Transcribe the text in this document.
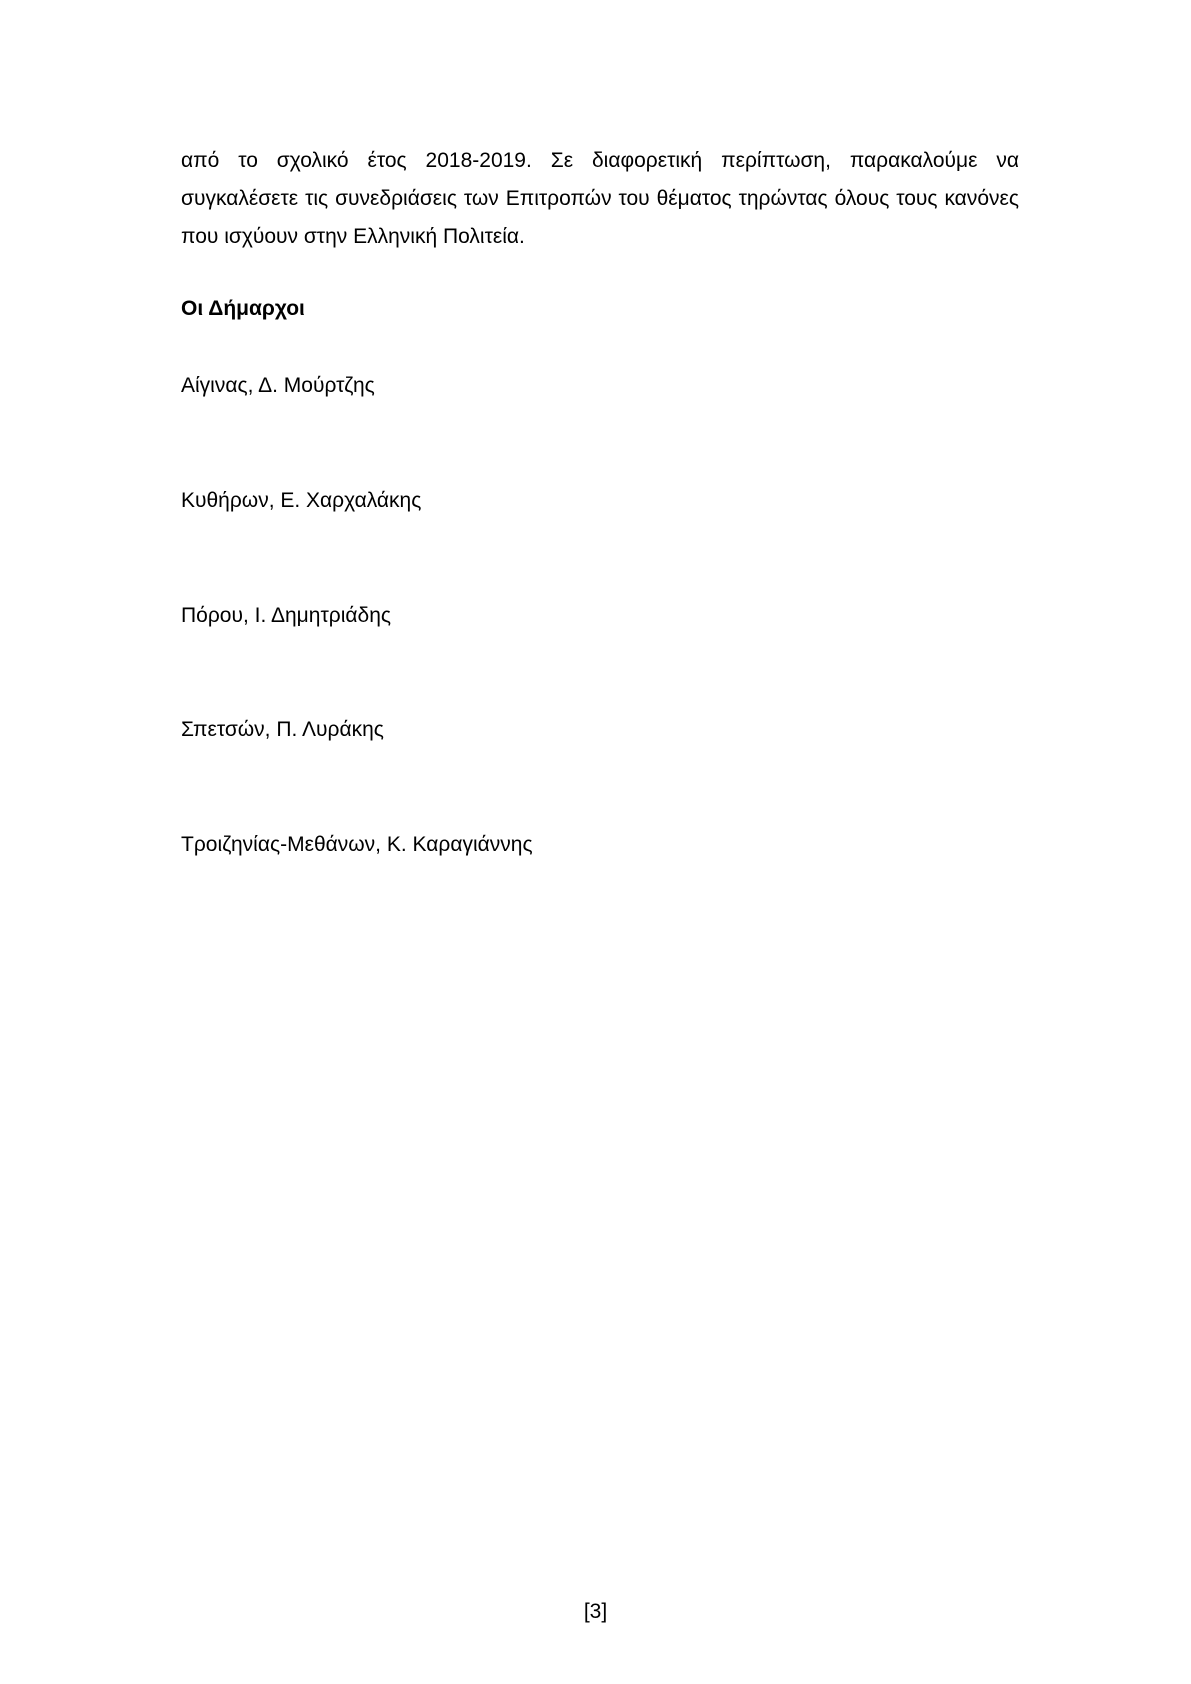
από το σχολικό έτος 2018-2019. Σε διαφορετική περίπτωση, παρακαλούμε να συγκαλέσετε τις συνεδριάσεις των Επιτροπών του θέματος τηρώντας όλους τους κανόνες που ισχύουν στην Ελληνική Πολιτεία.
Οι Δήμαρχοι
Αίγινας, Δ. Μούρτζης
Κυθήρων, Ε. Χαρχαλάκης
Πόρου, Ι. Δημητριάδης
Σπετσών, Π. Λυράκης
Τροιζηνίας-Μεθάνων, Κ. Καραγιάννης
[3]
